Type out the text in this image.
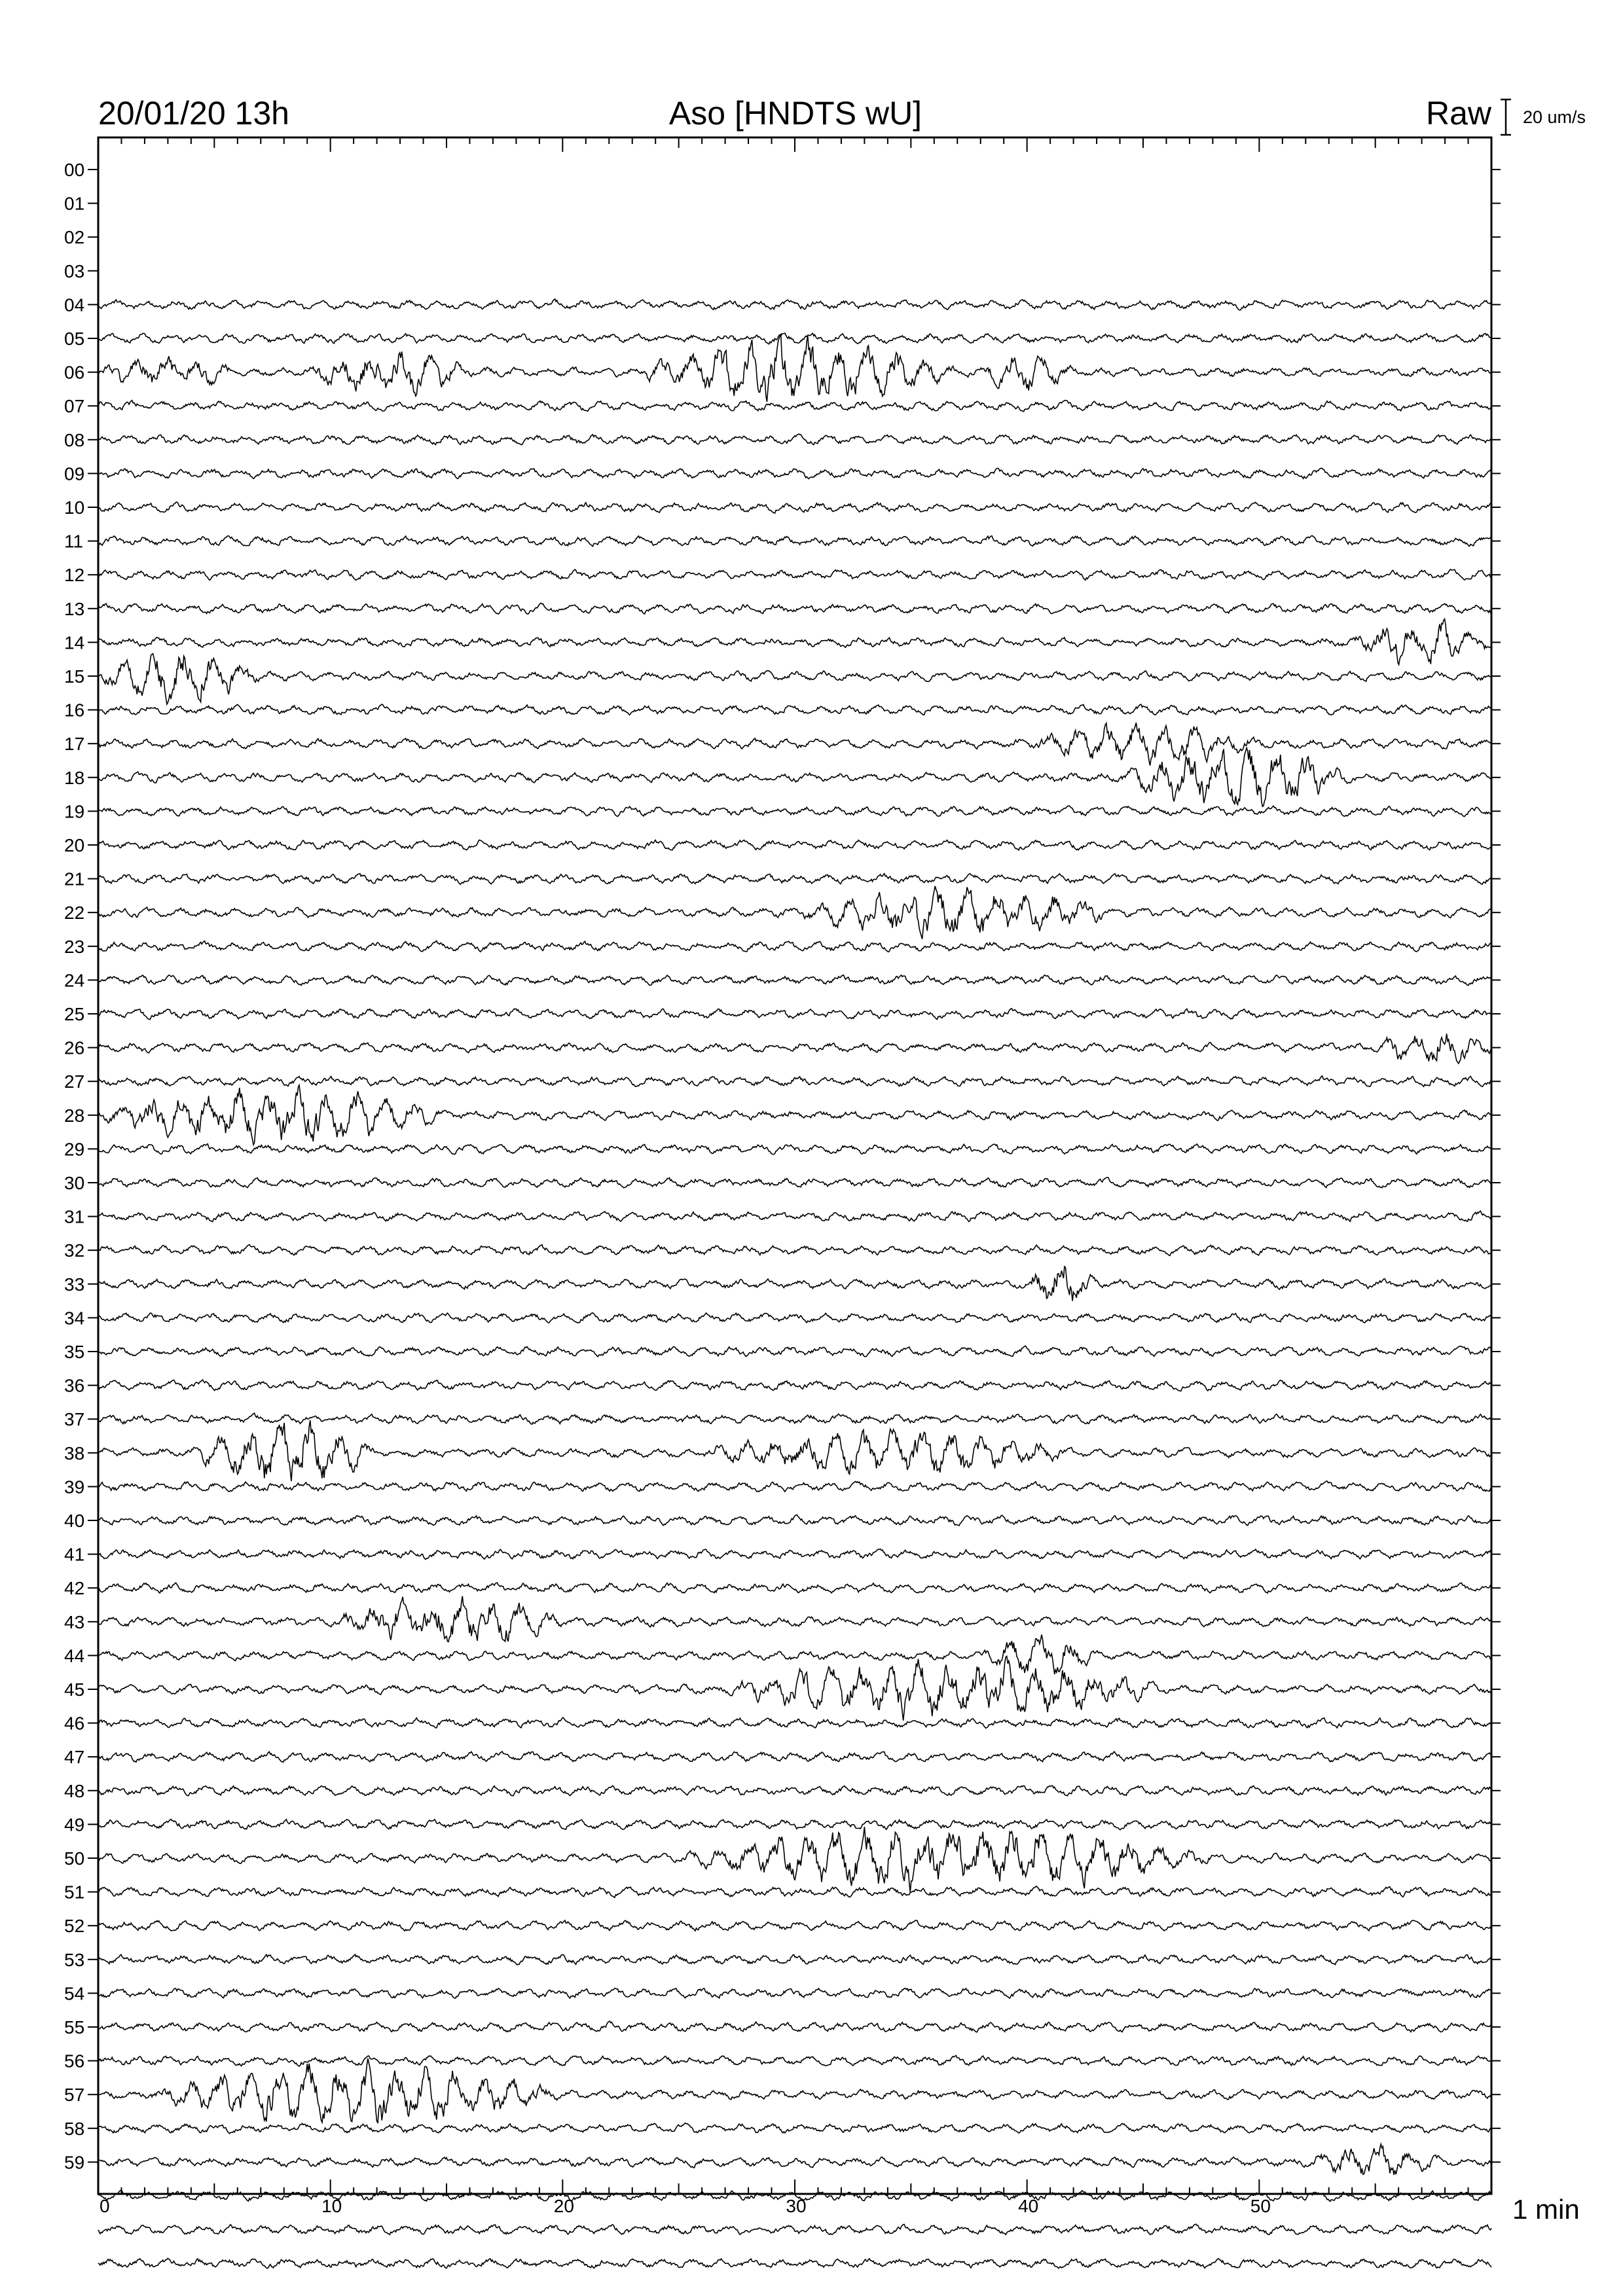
20/01/20 13h	Aso [HNDTS wU]	Raw 20 um/s
00
01
02
03
04
05
06
07
08
09
10
11
12
13
14
15
16
17
18
19
20
21
22
23
24
25
26
27
28
29
30
31
32
33
34
35
36
37
38
39
40
41
42
43
44
45
46
47
48
49
50
51
52
53
54
55
56
57
58
59
0	10	20	30	40	50	1 min
